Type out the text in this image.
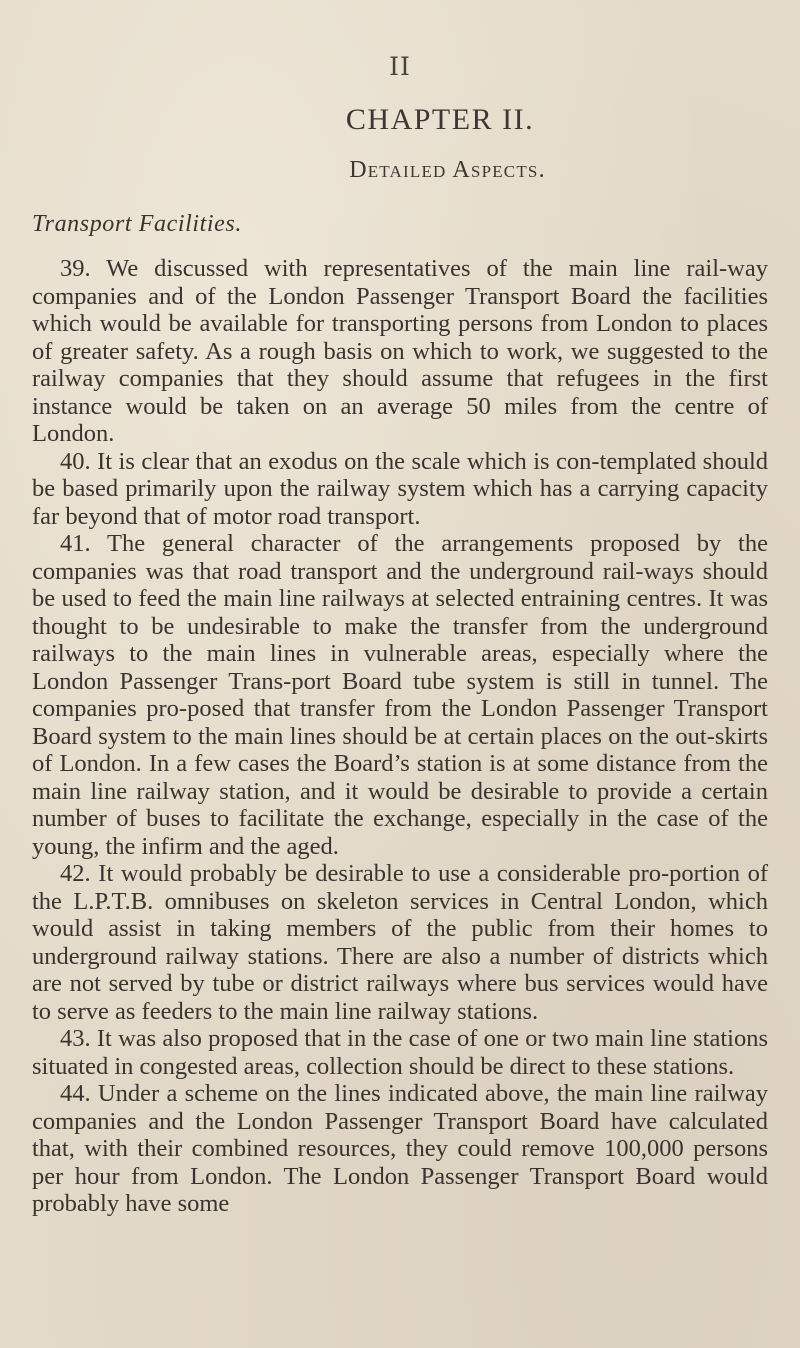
II
CHAPTER II.
Detailed Aspects.
Transport Facilities.

39. We discussed with representatives of the main line rail-way companies and of the London Passenger Transport Board the facilities which would be available for transporting persons from London to places of greater safety. As a rough basis on which to work, we suggested to the railway companies that they should assume that refugees in the first instance would be taken on an average 50 miles from the centre of London.

40. It is clear that an exodus on the scale which is con-templated should be based primarily upon the railway system which has a carrying capacity far beyond that of motor road transport.

41. The general character of the arrangements proposed by the companies was that road transport and the underground rail-ways should be used to feed the main line railways at selected entraining centres. It was thought to be undesirable to make the transfer from the underground railways to the main lines in vulnerable areas, especially where the London Passenger Trans-port Board tube system is still in tunnel. The companies pro-posed that transfer from the London Passenger Transport Board system to the main lines should be at certain places on the out-skirts of London. In a few cases the Board’s station is at some distance from the main line railway station, and it would be desirable to provide a certain number of buses to facilitate the exchange, especially in the case of the young, the infirm and the aged.

42. It would probably be desirable to use a considerable pro-portion of the L.P.T.B. omnibuses on skeleton services in Central London, which would assist in taking members of the public from their homes to underground railway stations. There are also a number of districts which are not served by tube or district railways where bus services would have to serve as feeders to the main line railway stations.

43. It was also proposed that in the case of one or two main line stations situated in congested areas, collection should be direct to these stations.

44. Under a scheme on the lines indicated above, the main line railway companies and the London Passenger Transport Board have calculated that, with their combined resources, they could remove 100,000 persons per hour from London. The London Passenger Transport Board would probably have some
